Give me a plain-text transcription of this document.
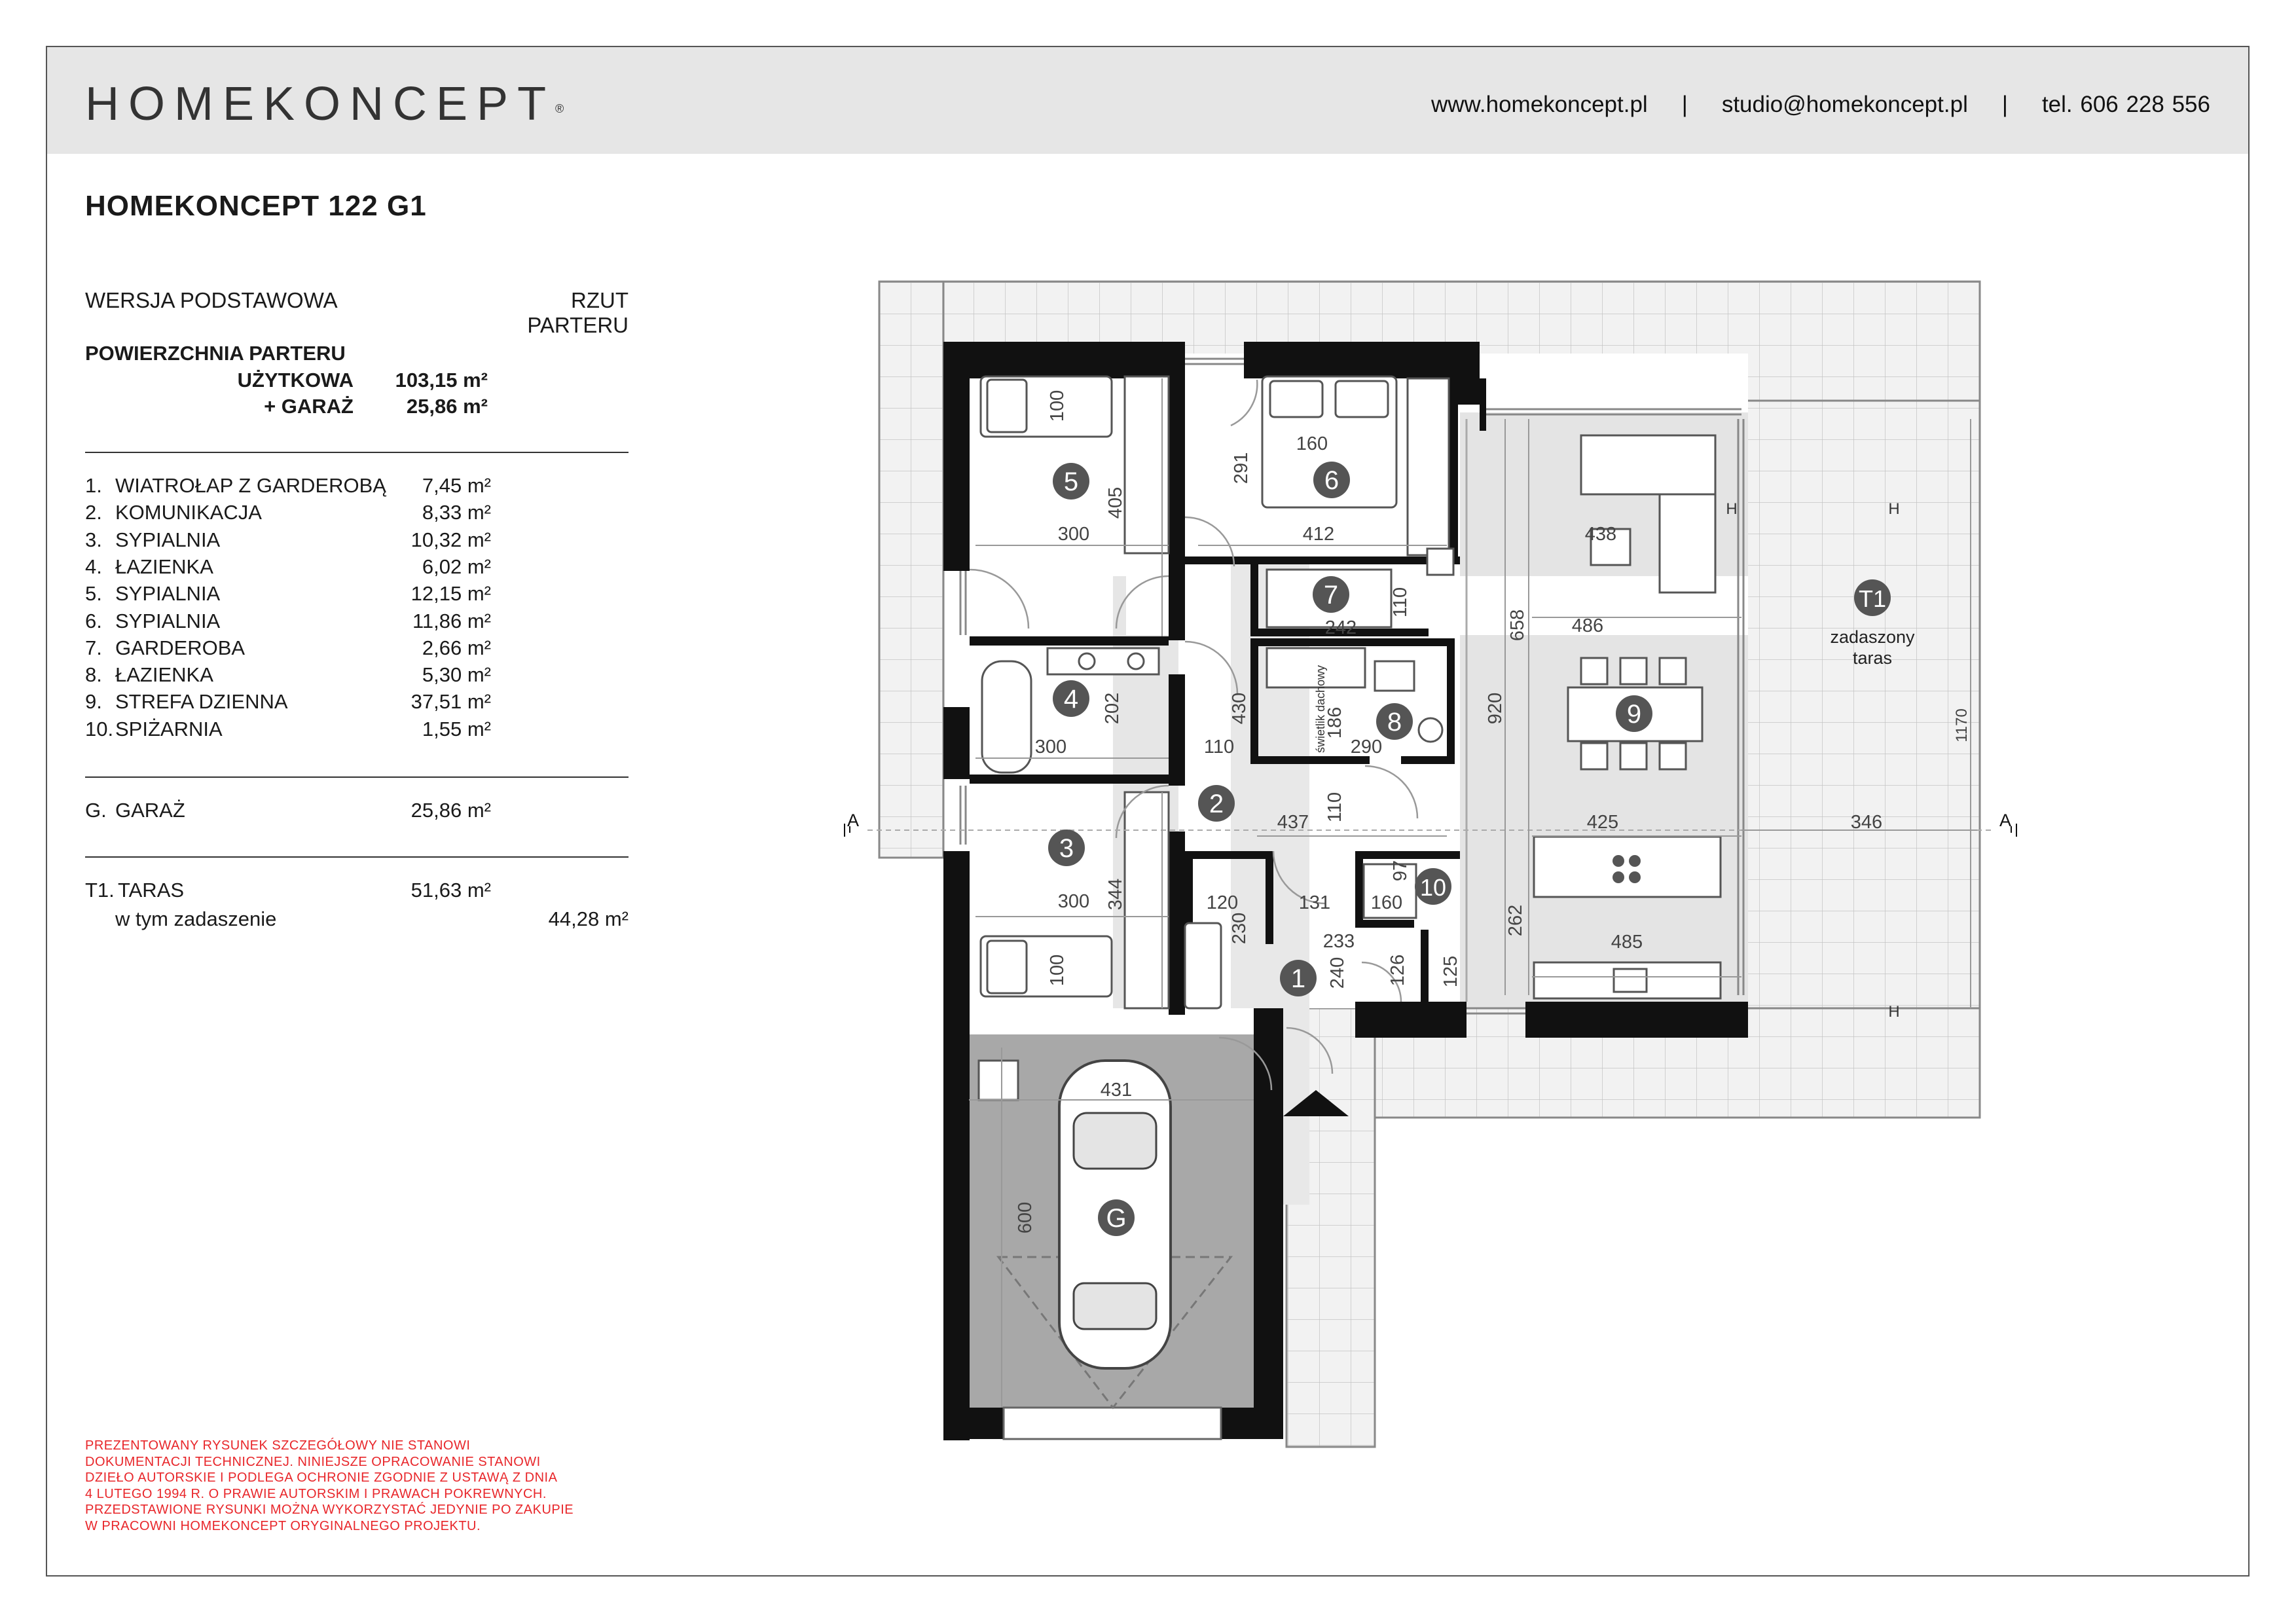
HOMEKONCEPT®	www.homekoncept.pl | studio@homekoncept.pl | tel. 606 228 556
HOMEKONCEPT 122 G1
WERSJA PODSTAWOWA	RZUT PARTERU
POWIERZCHNIA PARTERU
UŻYTKOWA	103,15 m²
+ GARAŻ	25,86 m²
1. WIATROŁAP Z GARDEROBĄ 7,45 m²
2. KOMUNIKACJA	8,33 m²
3. SYPIALNIA	10,32 m²
4. ŁAZIENKA	6,02 m²
5. SYPIALNIA	12,15 m²
6. SYPIALNIA	11,86 m²
7. GARDEROBA	2,66 m²
8. ŁAZIENKA	5,30 m²
9. STREFA DZIENNA	37,51 m²
10. SPIŻARNIA	1,55 m²
G. GARAŻ	25,86 m²
T1. TARAS	51,63 m²
w tym zadaszenie	44,28 m²
PREZENTOWANY RYSUNEK SZCZEGÓŁOWY NIE STANOWI
DOKUMENTACJI TECHNICZNEJ. NINIEJSZE OPRACOWANIE STANOWI
DZIEŁO AUTORSKIE I PODLEGA OCHRONIE ZGODNIE Z USTAWĄ Z DNIA
4 LUTEGO 1994 R. O PRAWIE AUTORSKIM I PRAWACH POKREWNYCH.
PRZEDSTAWIONE RYSUNKI MOŻNA WYKORZYSTAĆ JEDYNIE PO ZAKUPIE
W PRACOWNI HOMEKONCEPT ORYGINALNEGO PROJEKTU.
5	6
7
4
8	9
2
3
10
1
G
T1
zadaszony
taras
świetlik dachowy
A	A
H	H
H
100
405
300
291
160
412	438
486
658
920
242
110
202
300
430	186
290
110
437 110	425	346
1170
300 344
100
120
230
131
233
240 126 125
97
160
262
485
431
600
